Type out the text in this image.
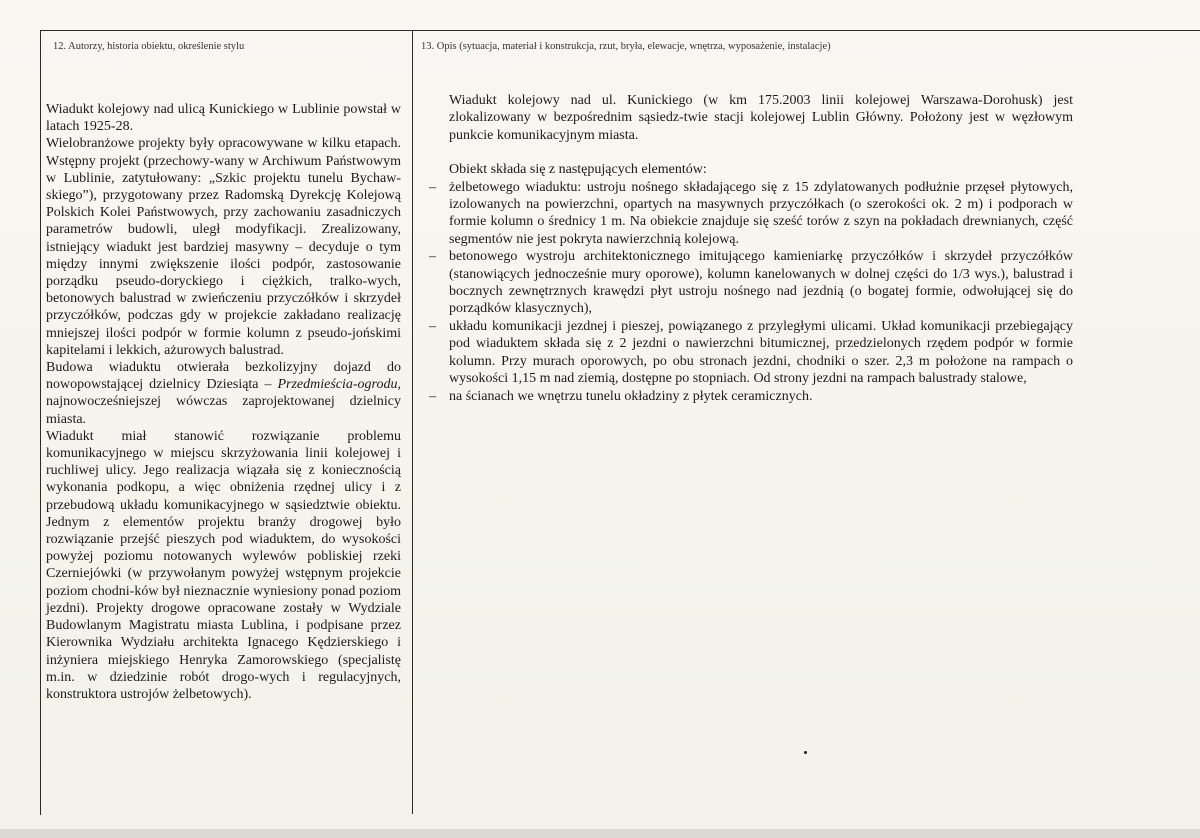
12. Autorzy, historia obiektu, określenie stylu	13. Opis (sytuacja, materiał i konstrukcja, rzut, bryła, elewacje, wnętrza, wyposażenie, instalacje)

Wiadukt kolejowy nad ulicą Kunickiego w Lublinie powstał w latach 1925-28.

Wielobranżowe projekty były opracowywane w kilku etapach. Wstępny projekt (przechowy-wany w Archiwum Państwowym w Lublinie, zatytułowany: „Szkic projektu tunelu Bychaw-skiego”), przygotowany przez Radomską Dyrekcję Kolejową Polskich Kolei Państwowych, przy zachowaniu zasadniczych parametrów budowli, uległ modyfikacji. Zrealizowany, istniejący wiadukt jest bardziej masywny – decyduje o tym między innymi zwiększenie ilości podpór, zastosowanie porządku pseudo-doryckiego i ciężkich, tralko-wych, betonowych balustrad w zwieńczeniu przyczółków i skrzydeł przyczółków, podczas gdy w projekcie zakładano realizację mniejszej ilości podpór w formie kolumn z pseudo-jońskimi kapitelami i lekkich, ażurowych balustrad.

Budowa wiaduktu otwierała bezkolizyjny dojazd do nowopowstającej dzielnicy Dziesiąta – Przedmieścia-ogrodu, najnowocześniejszej wówczas zaprojektowanej dzielnicy miasta.

Wiadukt miał stanowić rozwiązanie problemu komunikacyjnego w miejscu skrzyżowania linii kolejowej i ruchliwej ulicy. Jego realizacja wiązała się z koniecznością wykonania podkopu, a więc obniżenia rzędnej ulicy i z przebudową układu komunikacyjnego w sąsiedztwie obiektu. Jednym z elementów projektu branży drogowej było rozwiązanie przejść pieszych pod wiaduktem, do wysokości powyżej poziomu notowanych wylewów pobliskiej rzeki Czerniejówki (w przywołanym powyżej wstępnym projekcie poziom chodni-ków był nieznacznie wyniesiony ponad poziom jezdni). Projekty drogowe opracowane zostały w Wydziale Budowlanym Magistratu miasta Lublina, i podpisane przez Kierownika Wydziału architekta Ignacego Kędzierskiego i inżyniera miejskiego Henryka Zamorowskiego (specjalistę m.in. w dziedzinie robót drogo-wych i regulacyjnych, konstruktora ustrojów żelbetowych).

Wiadukt kolejowy nad ul. Kunickiego (w km 175.2003 linii kolejowej Warszawa-Dorohusk) jest zlokalizowany w bezpośrednim sąsiedz-twie stacji kolejowej Lublin Główny. Położony jest w węzłowym punkcie komunikacyjnym miasta.

Obiekt składa się z następujących elementów:

– żelbetowego wiaduktu: ustroju nośnego składającego się z 15 zdylatowanych podłużnie przęseł płytowych, izolowanych na powierzchni, opartych na masywnych przyczółkach (o szerokości ok. 2 m) i podporach w formie kolumn o średnicy 1 m. Na obiekcie znajduje się sześć torów z szyn na pokładach drewnianych, część segmentów nie jest pokryta nawierzchnią kolejową.
– betonowego wystroju architektonicznego imitującego kamieniarkę przyczółków i skrzydeł przyczółków (stanowiących jednocześnie mury oporowe), kolumn kanelowanych w dolnej części do 1/3 wys.), balustrad i bocznych zewnętrznych krawędzi płyt ustroju nośnego nad jezdnią (o bogatej formie, odwołującej się do porządków klasycznych),
– układu komunikacji jezdnej i pieszej, powiązanego z przyległymi ulicami. Układ komunikacji przebiegający pod wiaduktem składa się z 2 jezdni o nawierzchni bitumicznej, przedzielonych rzędem podpór w formie kolumn. Przy murach oporowych, po obu stronach jezdni, chodniki o szer. 2,3 m położone na rampach o wysokości 1,15 m nad ziemią, dostępne po stopniach. Od strony jezdni na rampach balustrady stalowe,
– na ścianach we wnętrzu tunelu okładziny z płytek ceramicznych.
